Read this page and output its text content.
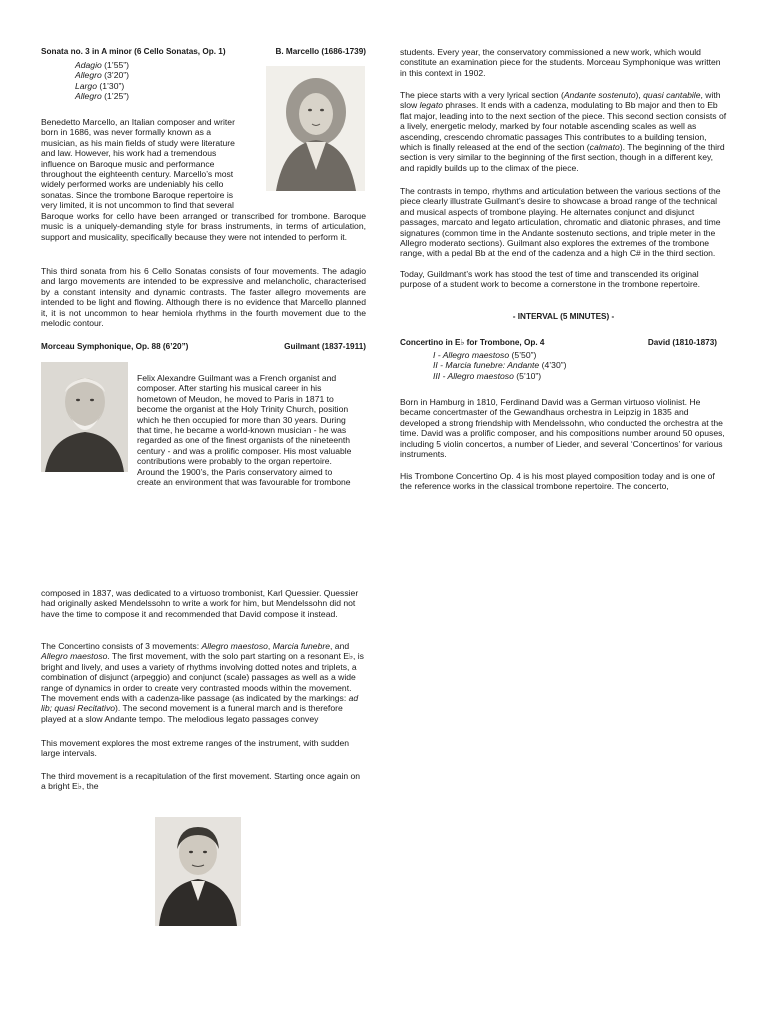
Sonata no. 3 in A minor (6 Cello Sonatas, Op. 1)	B. Marcello (1686-1739)
Adagio (1’55”)
Allegro (3’20”)
Largo (1’30”)
Allegro (1’25”)

Benedetto Marcello, an Italian composer and writer

born in 1686, was never formally known as a

musician, as his main fields of study were literature

and law. However, his work had a tremendous

influence on Baroque music and performance

throughout the eighteenth century. Marcello’s most

widely performed works are undeniably his cello

sonatas. Since the trombone Baroque repertoire is

very limited, it is not uncommon to find that several

Baroque works for cello have been arranged or transcribed for trombone. Baroque music is a uniquely-demanding style for brass instruments, in terms of articulation, support and musicality, specifically because they were not intended to perform it.

This third sonata from his 6 Cello Sonatas consists of four movements. The adagio and largo movements are intended to be expressive and melancholic, characterised by a constant intensity and dynamic contrasts. The faster allegro movements are intended to be light and flowing. Although there is no evidence that Marcello planned it, it is not uncommon to hear hemiola rhythms in the fourth movement due to the melodic contour.

Morceau Symphonique, Op. 88 (6’20”)	Guilmant (1837-1911)

Felix Alexandre Guilmant was a French organist and

composer. After starting his musical career in his

hometown of Meudon, he moved to Paris in 1871 to

become the organist at the Holy Trinity Church, position

which he then occupied for more than 30 years. During

that time, he became a world-known musician - he was

regarded as one of the finest organists of the nineteenth

century - and was a prolific composer. His most valuable

contributions were probably to the organ repertoire.

Around the 1900’s, the Paris conservatory aimed to

create an environment that was favourable for trombone

students. Every year, the conservatory commissioned a new work, which would constitute an examination piece for the students. Morceau Symphonique was written in this context in 1902.

The piece starts with a very lyrical section (Andante sostenuto), quasi cantabile, with slow legato phrases. It ends with a cadenza, modulating to Bb major and then to Eb flat major, leading into to the next section of the piece. This second section consists of a lively, energetic melody, marked by four notable ascending scales as well as ascending, crescendo chromatic passages This contributes to a building tension, which is finally released at the end of the section (calmato). The beginning of the third section is very similar to the beginning of the first section, though in a different key, and rapidly builds up to the climax of the piece.

The contrasts in tempo, rhythms and articulation between the various sections of the piece clearly illustrate Guilmant’s desire to showcase a broad range of the technical and musical aspects of trombone playing. He alternates conjunct and disjunct passages, marcato and legato articulation, chromatic and diatonic phrases, and time signatures (common time in the Andante sostenuto sections, and triple meter in the Allegro moderato sections). Guilmant also explores the extremes of the trombone range, with a pedal Bb at the end of the cadenza and a high C# in the third section.

Today, Guildmant’s work has stood the test of time and transcended its original purpose of a student work to become a cornerstone in the trombone repertoire.

- INTERVAL (5 MINUTES) -
Concertino in E♭ for Trombone, Op. 4	David (1810-1873)
I - Allegro maestoso (5’50”)
II - Marcia funebre: Andante (4’30”)
III - Allegro maestoso (5’10”)

Born in Hamburg in 1810, Ferdinand David was a German virtuoso violinist. He became concertmaster of the Gewandhaus orchestra in Leipzig in 1835 and developed a strong friendship with Mendelssohn, who conducted the orchestra at the time. David was a prolific composer, and his compositions number around 50 opuses, including 5 violin concertos, a number of Lieder, and several ‘Concertinos’ for various instruments.

His Trombone Concertino Op. 4 is his most played composition today and is one of the reference works in the classical trombone repertoire. The concerto,

composed in 1837, was dedicated to a virtuoso trombonist, Karl Quessier. Quessier had originally asked Mendelssohn to write a work for him, but Mendelssohn did not have the time to compose it and recommended that David compose it instead.

The Concertino consists of 3 movements: Allegro maestoso, Marcia funebre, and Allegro maestoso. The first movement, with the solo part starting on a resonant E♭, is bright and lively, and uses a variety of rhythms involving dotted notes and triplets, a combination of disjunct (arpeggio) and conjunct (scale) passages as well as a wide range of dynamics in order to create very contrasted moods within the movement. The movement ends with a cadenza-like passage (as indicated by the markings: ad lib; quasi Recitativo). The second movement is a funeral march and is therefore played at a slow Andante tempo. The melodious legato passages convey

This movement explores the most extreme ranges of the instrument, with sudden large intervals.

The third movement is a recapitulation of the first movement. Starting once again on a bright E♭, the
